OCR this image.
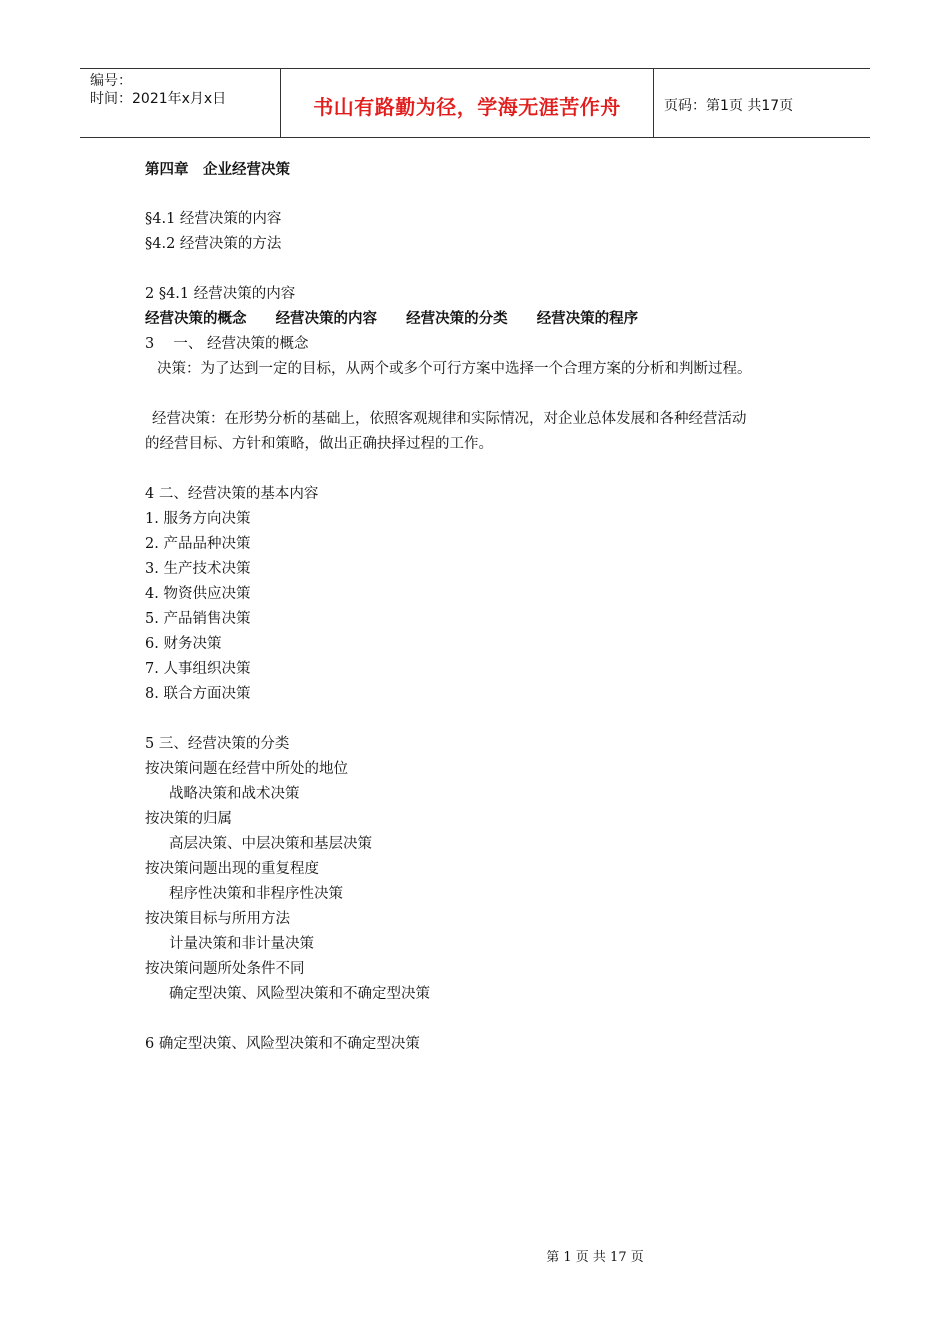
编号：
时间：2021年x月x日	书山有路勤为径，学海无涯苦作舟	页码：第1页 共17页
第四章　企业经营决策
§4.1 经营决策的内容
§4.2 经营决策的方法
2 §4.1 经营决策的内容
经营决策的概念 经营决策的内容 经营决策的分类 经营决策的程序
3　 一、 经营决策的概念
决策：为了达到一定的目标，从两个或多个可行方案中选择一个合理方案的分析和判断过程。
经营决策：在形势分析的基础上，依照客观规律和实际情况，对企业总体发展和各种经营活动
的经营目标、方针和策略，做出正确抉择过程的工作。
4 二、经营决策的基本内容
1. 服务方向决策
2. 产品品种决策
3. 生产技术决策
4. 物资供应决策
5. 产品销售决策
6. 财务决策
7. 人事组织决策
8. 联合方面决策
5 三、经营决策的分类
按决策问题在经营中所处的地位
战略决策和战术决策
按决策的归属
高层决策、中层决策和基层决策
按决策问题出现的重复程度
程序性决策和非程序性决策
按决策目标与所用方法
计量决策和非计量决策
按决策问题所处条件不同
确定型决策、风险型决策和不确定型决策
6 确定型决策、风险型决策和不确定型决策
第 1 页 共 17 页
